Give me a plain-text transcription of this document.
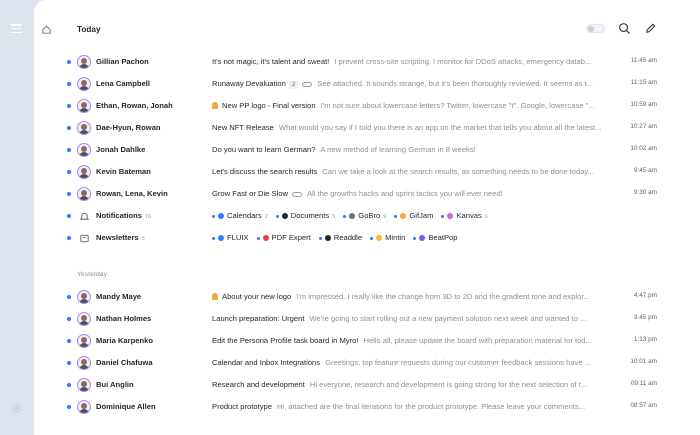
Today
Gillian Pachon	It's not magic, it's talent and sweat! I prevent cross-site scripting, I monitor for DDoS attacks, emergency datab...	11:45 am
Lena Campbell	Runaway Devaluation 2	See attached. It sounds strange, but it's been thoroughly reviewed. It seems as t...	11:15 am
Ethan, Rowan, Jonah	New PP logo - Final version I'm not sure about lowercase letters? Twitter, lowercase "t". Google, lowercase "...	10:59 am
Dae-Hyun, Rowan	New NFT Release What would you say if I told you there is an app on the market that tells you about all the latest...	10:27 am
Jonah Dahlke	Do you want to learn German? A new method of learning German in 8 weeks!	10:02 am
Kevin Bateman	Let's discuss the search results Can we take a look at the search results, as something needs to be done today...	9:45 am
Rowan, Lena, Kevin	Grow Fast or Die Slow	All the growths hacks and sprint tactics you will ever need!	9:30 am
Notifications 16	Calendars 2	Documents 5	GoBro 9	GifJam	Kanvas 6
Newsletters 5	FLUIX	PDF Expert	Readdle	Mintin	BeatPop
Yesterday
Mandy Maye	About your new logo I'm impressed. I really like the change from 3D to 2D and the gradient tone and explor...	4:47 pm
Nathan Holmes	Launch preparation: Urgent We're going to start rolling out a new payment solution next week and wanted to ...	3:45 pm
Maria Karpenko	Edit the Persona Profile task board in Myro! Hello all, please update the board with preparation material for tod...	1:13 pm
Daniel Chafuwa	Calendar and Inbox Integrations Greetings, top feature requests during our customer feedback sessions have ...	10:01 am
Bui Anglin	Research and development Hi everyone, research and development is going strong for the next selection of t...	09:11 am
Dominique Allen	Product prototype Hi, attached are the final iterations for the product prototype. Please leave your comments...	08:57 am
